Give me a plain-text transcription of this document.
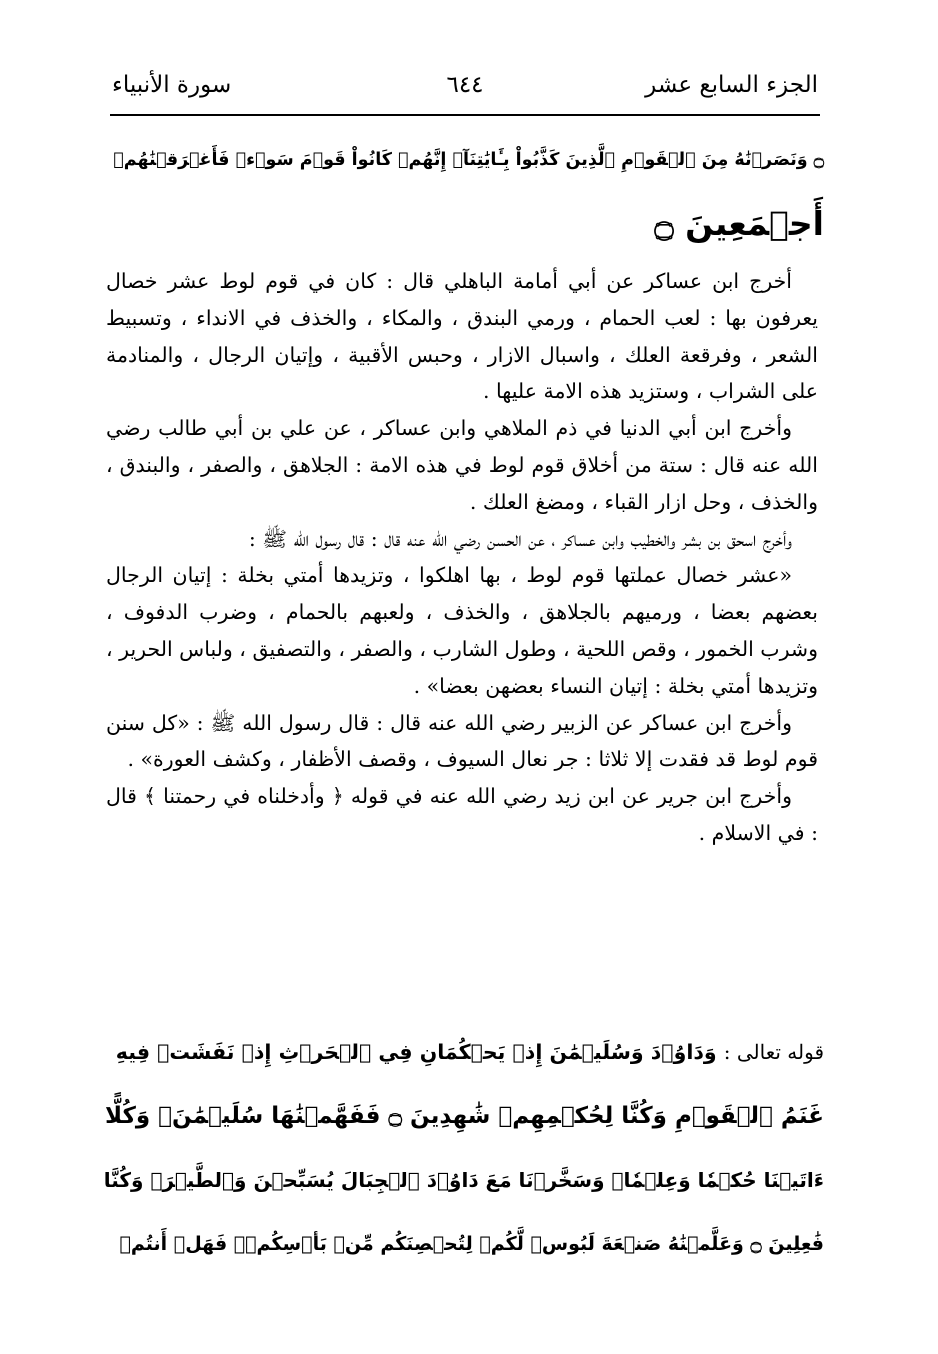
الجزء السابع عشر
٦٤٤
سورة الأنبياء
۝ وَنَصَرۡنَٰهُ مِنَ ٱلۡقَوۡمِ ٱلَّذِينَ كَذَّبُواْ بِـَٔايَٰتِنَآۚ إِنَّهُمۡ كَانُواْ قَوۡمَ سَوۡءٖ فَأَغۡرَقۡنَٰهُمۡ
أَجۡمَعِينَ ۝

أخرج ابن عساكر عن أبي أمامة الباهلي قال : كان في قوم لوط عشر خصال يعرفون بها : لعب الحمام ، ورمي البندق ، والمكاء ، والخذف في الانداء ، وتسبيط الشعر ، وفرقعة العلك ، واسبال الازار ، وحبس الأقبية ، وإتيان الرجال ، والمنادمة على الشراب ، وستزيد هذه الامة عليها .

وأخرج ابن أبي الدنيا في ذم الملاهي وابن عساكر ، عن علي بن أبي طالب رضي الله عنه قال : ستة من أخلاق قوم لوط في هذه الامة : الجلاهق ، والصفر ، والبندق ، والخذف ، وحل ازار القباء ، ومضغ العلك .

وأخرج اسحق بن بشر والخطيب وابن عساكر ، عن الحسن رضي الله عنه قال : قال رسول الله ﷺ :

«عشر خصال عملتها قوم لوط ، بها اهلكوا ، وتزيدها أمتي بخلة : إتيان الرجال بعضهم بعضا ، ورميهم بالجلاهق ، والخذف ، ولعبهم بالحمام ، وضرب الدفوف ، وشرب الخمور ، وقص اللحية ، وطول الشارب ، والصفر ، والتصفيق ، ولباس الحرير ، وتزيدها أمتي بخلة : إتيان النساء بعضهن بعضا» .

وأخرج ابن عساكر عن الزبير رضي الله عنه قال : قال رسول الله ﷺ : «كل سنن قوم لوط قد فقدت إلا ثلاثا : جر نعال السيوف ، وقصف الأظفار ، وكشف العورة» .

وأخرج ابن جرير عن ابن زيد رضي الله عنه في قوله ﴿ وأدخلناه في رحمتنا ﴾ قال : في الاسلام .

قوله تعالى : وَدَاوُۥدَ وَسُلَيۡمَٰنَ إِذۡ يَحۡكُمَانِ فِي ٱلۡحَرۡثِ إِذۡ نَفَشَتۡ فِيهِ
غَنَمُ ٱلۡقَوۡمِ وَكُنَّا لِحُكۡمِهِمۡ شَٰهِدِينَ ۝ فَفَهَّمۡنَٰهَا سُلَيۡمَٰنَۚ وَكُلًّا
ءَاتَيۡنَا حُكۡمٗا وَعِلۡمٗاۚ وَسَخَّرۡنَا مَعَ دَاوُۥدَ ٱلۡجِبَالَ يُسَبِّحۡنَ وَٱلطَّيۡرَۚ وَكُنَّا
فَٰعِلِينَ ۝ وَعَلَّمۡنَٰهُ صَنۡعَةَ لَبُوسٖ لَّكُمۡ لِتُحۡصِنَكُم مِّنۢ بَأۡسِكُمۡۖ فَهَلۡ أَنتُمۡ
